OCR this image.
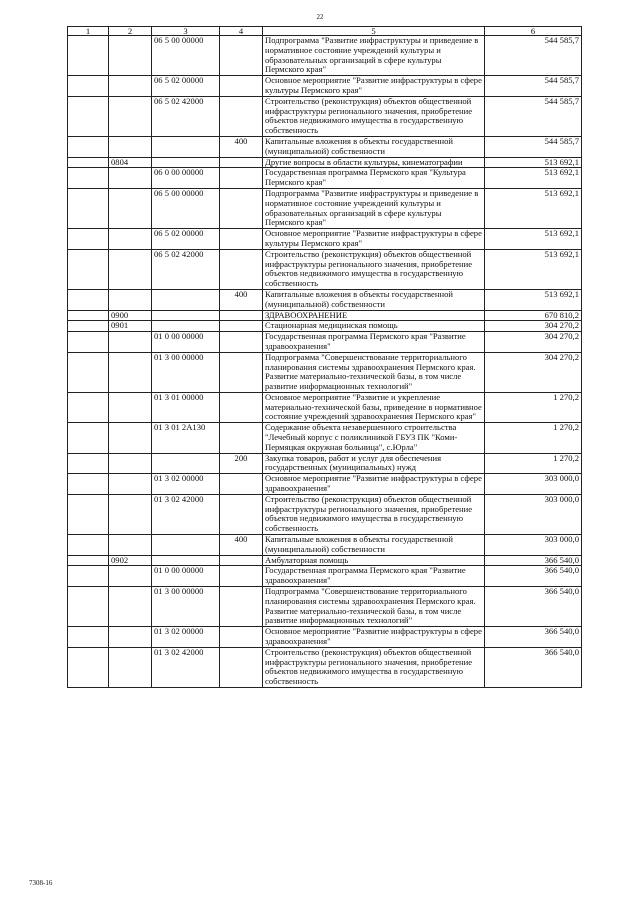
22
1	2	3	4	5	6
		06 5 00 00000		Подпрограмма "Развитие инфраструктуры и приведение в нормативное состояние учреждений культуры и образовательных организаций в сфере культуры Пермского края"	544 585,7
		06 5 02 00000		Основное мероприятие "Развитие инфраструктуры в сфере культуры Пермского края"	544 585,7
		06 5 02 42000		Строительство (реконструкция) объектов общественной инфраструктуры регионального значения, приобретение объектов недвижимого имущества в государственную собственность	544 585,7
			400	Капитальные вложения в объекты государственной (муниципальной) собственности	544 585,7
	0804			Другие вопросы в области культуры, кинематографии	513 692,1
		06 0 00 00000		Государственная программа Пермского края "Культура Пермского края"	513 692,1
		06 5 00 00000		Подпрограмма "Развитие инфраструктуры и приведение в нормативное состояние учреждений культуры и образовательных организаций в сфере культуры Пермского края"	513 692,1
		06 5 02 00000		Основное мероприятие "Развитие инфраструктуры в сфере культуры Пермского края"	513 692,1
		06 5 02 42000		Строительство (реконструкция) объектов общественной инфраструктуры регионального значения, приобретение объектов недвижимого имущества в государственную собственность	513 692,1
			400	Капитальные вложения в объекты государственной (муниципальной) собственности	513 692,1
	0900			ЗДРАВООХРАНЕНИЕ	670 810,2
	0901			Стационарная медицинская помощь	304 270,2
		01 0 00 00000		Государственная программа Пермского края "Развитие здравоохранения"	304 270,2
		01 3 00 00000		Подпрограмма "Совершенствование территориального планирования системы здравоохранения Пермского края. Развитие материально-технической базы, в том числе развитие информационных технологий"	304 270,2
		01 3 01 00000		Основное мероприятие "Развитие и укрепление материально-технической базы, приведение в нормативное состояние учреждений здравоохранения Пермского края"	1 270,2
		01 3 01 2А130		Содержание объекта незавершенного строительства "Лечебный корпус с поликлиникой ГБУЗ ПК "Коми-Пермяцкая окружная больница", с.Юрла"	1 270,2
			200	Закупка товаров, работ и услуг для обеспечения государственных (муниципальных) нужд	1 270,2
		01 3 02 00000		Основное мероприятие "Развитие инфраструктуры в сфере здравоохранения"	303 000,0
		01 3 02 42000		Строительство (реконструкция) объектов общественной инфраструктуры регионального значения, приобретение объектов недвижимого имущества в государственную собственность	303 000,0
			400	Капитальные вложения в объекты государственной (муниципальной) собственности	303 000,0
	0902			Амбулаторная помощь	366 540,0
		01 0 00 00000		Государственная программа Пермского края "Развитие здравоохранения"	366 540,0
		01 3 00 00000		Подпрограмма "Совершенствование территориального планирования системы здравоохранения Пермского края. Развитие материально-технической базы, в том числе развитие информационных технологий"	366 540,0
		01 3 02 00000		Основное мероприятие "Развитие инфраструктуры в сфере здравоохранения"	366 540,0
		01 3 02 42000		Строительство (реконструкция) объектов общественной инфраструктуры регионального значения, приобретение объектов недвижимого имущества в государственную собственность	366 540,0
7308-16
